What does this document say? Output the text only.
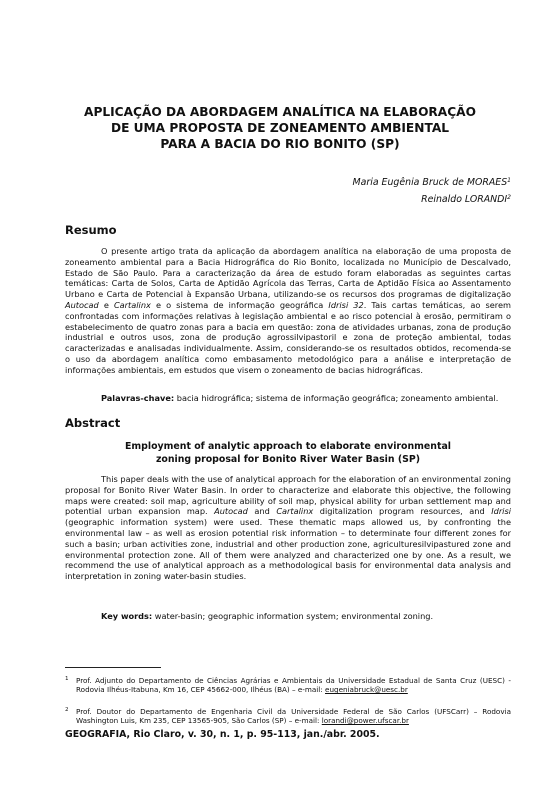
APLICAÇÃO DA ABORDAGEM ANALÍTICA NA ELABORAÇÃO
DE UMA PROPOSTA DE ZONEAMENTO AMBIENTAL
PARA A BACIA DO RIO BONITO (SP)
Maria Eugênia Bruck de MORAES$^1$
Reinaldo LORANDI$^2$
Resumo
O presente artigo trata da aplicação da abordagem analítica na elaboração de uma proposta de zoneamento ambiental para a Bacia Hidrográfica do Rio Bonito, localizada no Município de Descalvado, Estado de São Paulo. Para a caracterização da área de estudo foram elaboradas as seguintes cartas temáticas: Carta de Solos, Carta de Aptidão Agrícola das Terras, Carta de Aptidão Física ao Assentamento Urbano e Carta de Potencial à Expansão Urbana, utilizando-se os recursos dos programas de digitalização Autocad e Cartalinx e o sistema de informação geográfica Idrisi 32. Tais cartas temáticas, ao serem confrontadas com informações relativas à legislação ambiental e ao risco potencial à erosão, permitiram o estabelecimento de quatro zonas para a bacia em questão: zona de atividades urbanas, zona de produção industrial e outros usos, zona de produção agrossilvipastoril e zona de proteção ambiental, todas caracterizadas e analisadas individualmente. Assim, considerando-se os resultados obtidos, recomenda-se o uso da abordagem analítica como embasamento metodológico para a análise e interpretação de informações ambientais, em estudos que visem o zoneamento de bacias hidrográficas.
Palavras-chave: bacia hidrográfica; sistema de informação geográfica; zoneamento ambiental.
Abstract
Employment of analytic approach to elaborate environmental
zoning proposal for Bonito River Water Basin (SP)
This paper deals with the use of analytical approach for the elaboration of an environmental zoning proposal for Bonito River Water Basin. In order to characterize and elaborate this objective, the following maps were created: soil map, agriculture ability of soil map, physical ability for urban settlement map and potential urban expansion map. Autocad and Cartalinx digitalization program resources, and Idrisi (geographic information system) were used. These thematic maps allowed us, by confronting the environmental law – as well as erosion potential risk information – to determinate four different zones for such a basin; urban activities zone, industrial and other production zone, agriculturesilvipastured zone and environmental protection zone. All of them were analyzed and characterized one by one. As a result, we recommend the use of analytical approach as a methodological basis for environmental data analysis and interpretation in zoning water-basin studies.
Key words: water-basin; geographic information system; environmental zoning.
1	Prof. Adjunto do Departamento de Ciências Agrárias e Ambientais da Universidade Estadual de Santa Cruz (UESC) - Rodovia Ilhéus-Itabuna, Km 16, CEP 45662-000, Ilhéus (BA) – e-mail: eugeniabruck@uesc.br
2	Prof. Doutor do Departamento de Engenharia Civil da Universidade Federal de São Carlos (UFSCarr) – Rodovia Washington Luis, Km 235, CEP 13565-905, São Carlos (SP) – e-mail: lorandi@power.ufscar.br
GEOGRAFIA, Rio Claro, v. 30, n. 1, p. 95-113, jan./abr. 2005.
